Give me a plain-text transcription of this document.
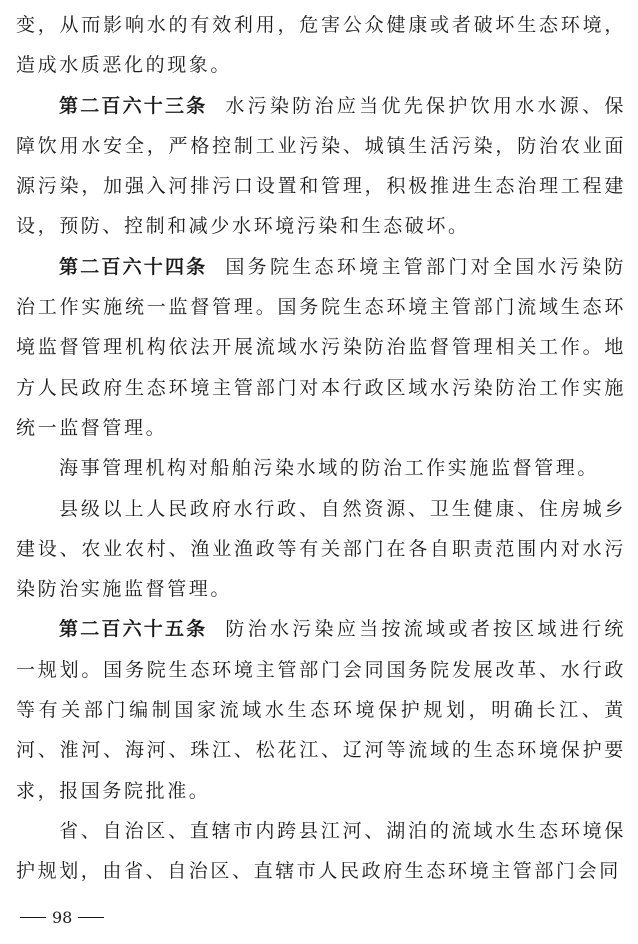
变，从而影响水的有效利用，危害公众健康或者破坏生态环境，造成水质恶化的现象。

第二百六十三条 水污染防治应当优先保护饮用水水源、保障饮用水安全，严格控制工业污染、城镇生活污染，防治农业面源污染，加强入河排污口设置和管理，积极推进生态治理工程建设，预防、控制和减少水环境污染和生态破坏。

第二百六十四条 国务院生态环境主管部门对全国水污染防治工作实施统一监督管理。国务院生态环境主管部门流域生态环境监督管理机构依法开展流域水污染防治监督管理相关工作。地方人民政府生态环境主管部门对本行政区域水污染防治工作实施统一监督管理。

海事管理机构对船舶污染水域的防治工作实施监督管理。

县级以上人民政府水行政、自然资源、卫生健康、住房城乡建设、农业农村、渔业渔政等有关部门在各自职责范围内对水污染防治实施监督管理。

第二百六十五条 防治水污染应当按流域或者按区域进行统一规划。国务院生态环境主管部门会同国务院发展改革、水行政等有关部门编制国家流域水生态环境保护规划，明确长江、黄河、淮河、海河、珠江、松花江、辽河等流域的生态环境保护要求，报国务院批准。

省、自治区、直辖市内跨县江河、湖泊的流域水生态环境保护规划，由省、自治区、直辖市人民政府生态环境主管部门会同

98
